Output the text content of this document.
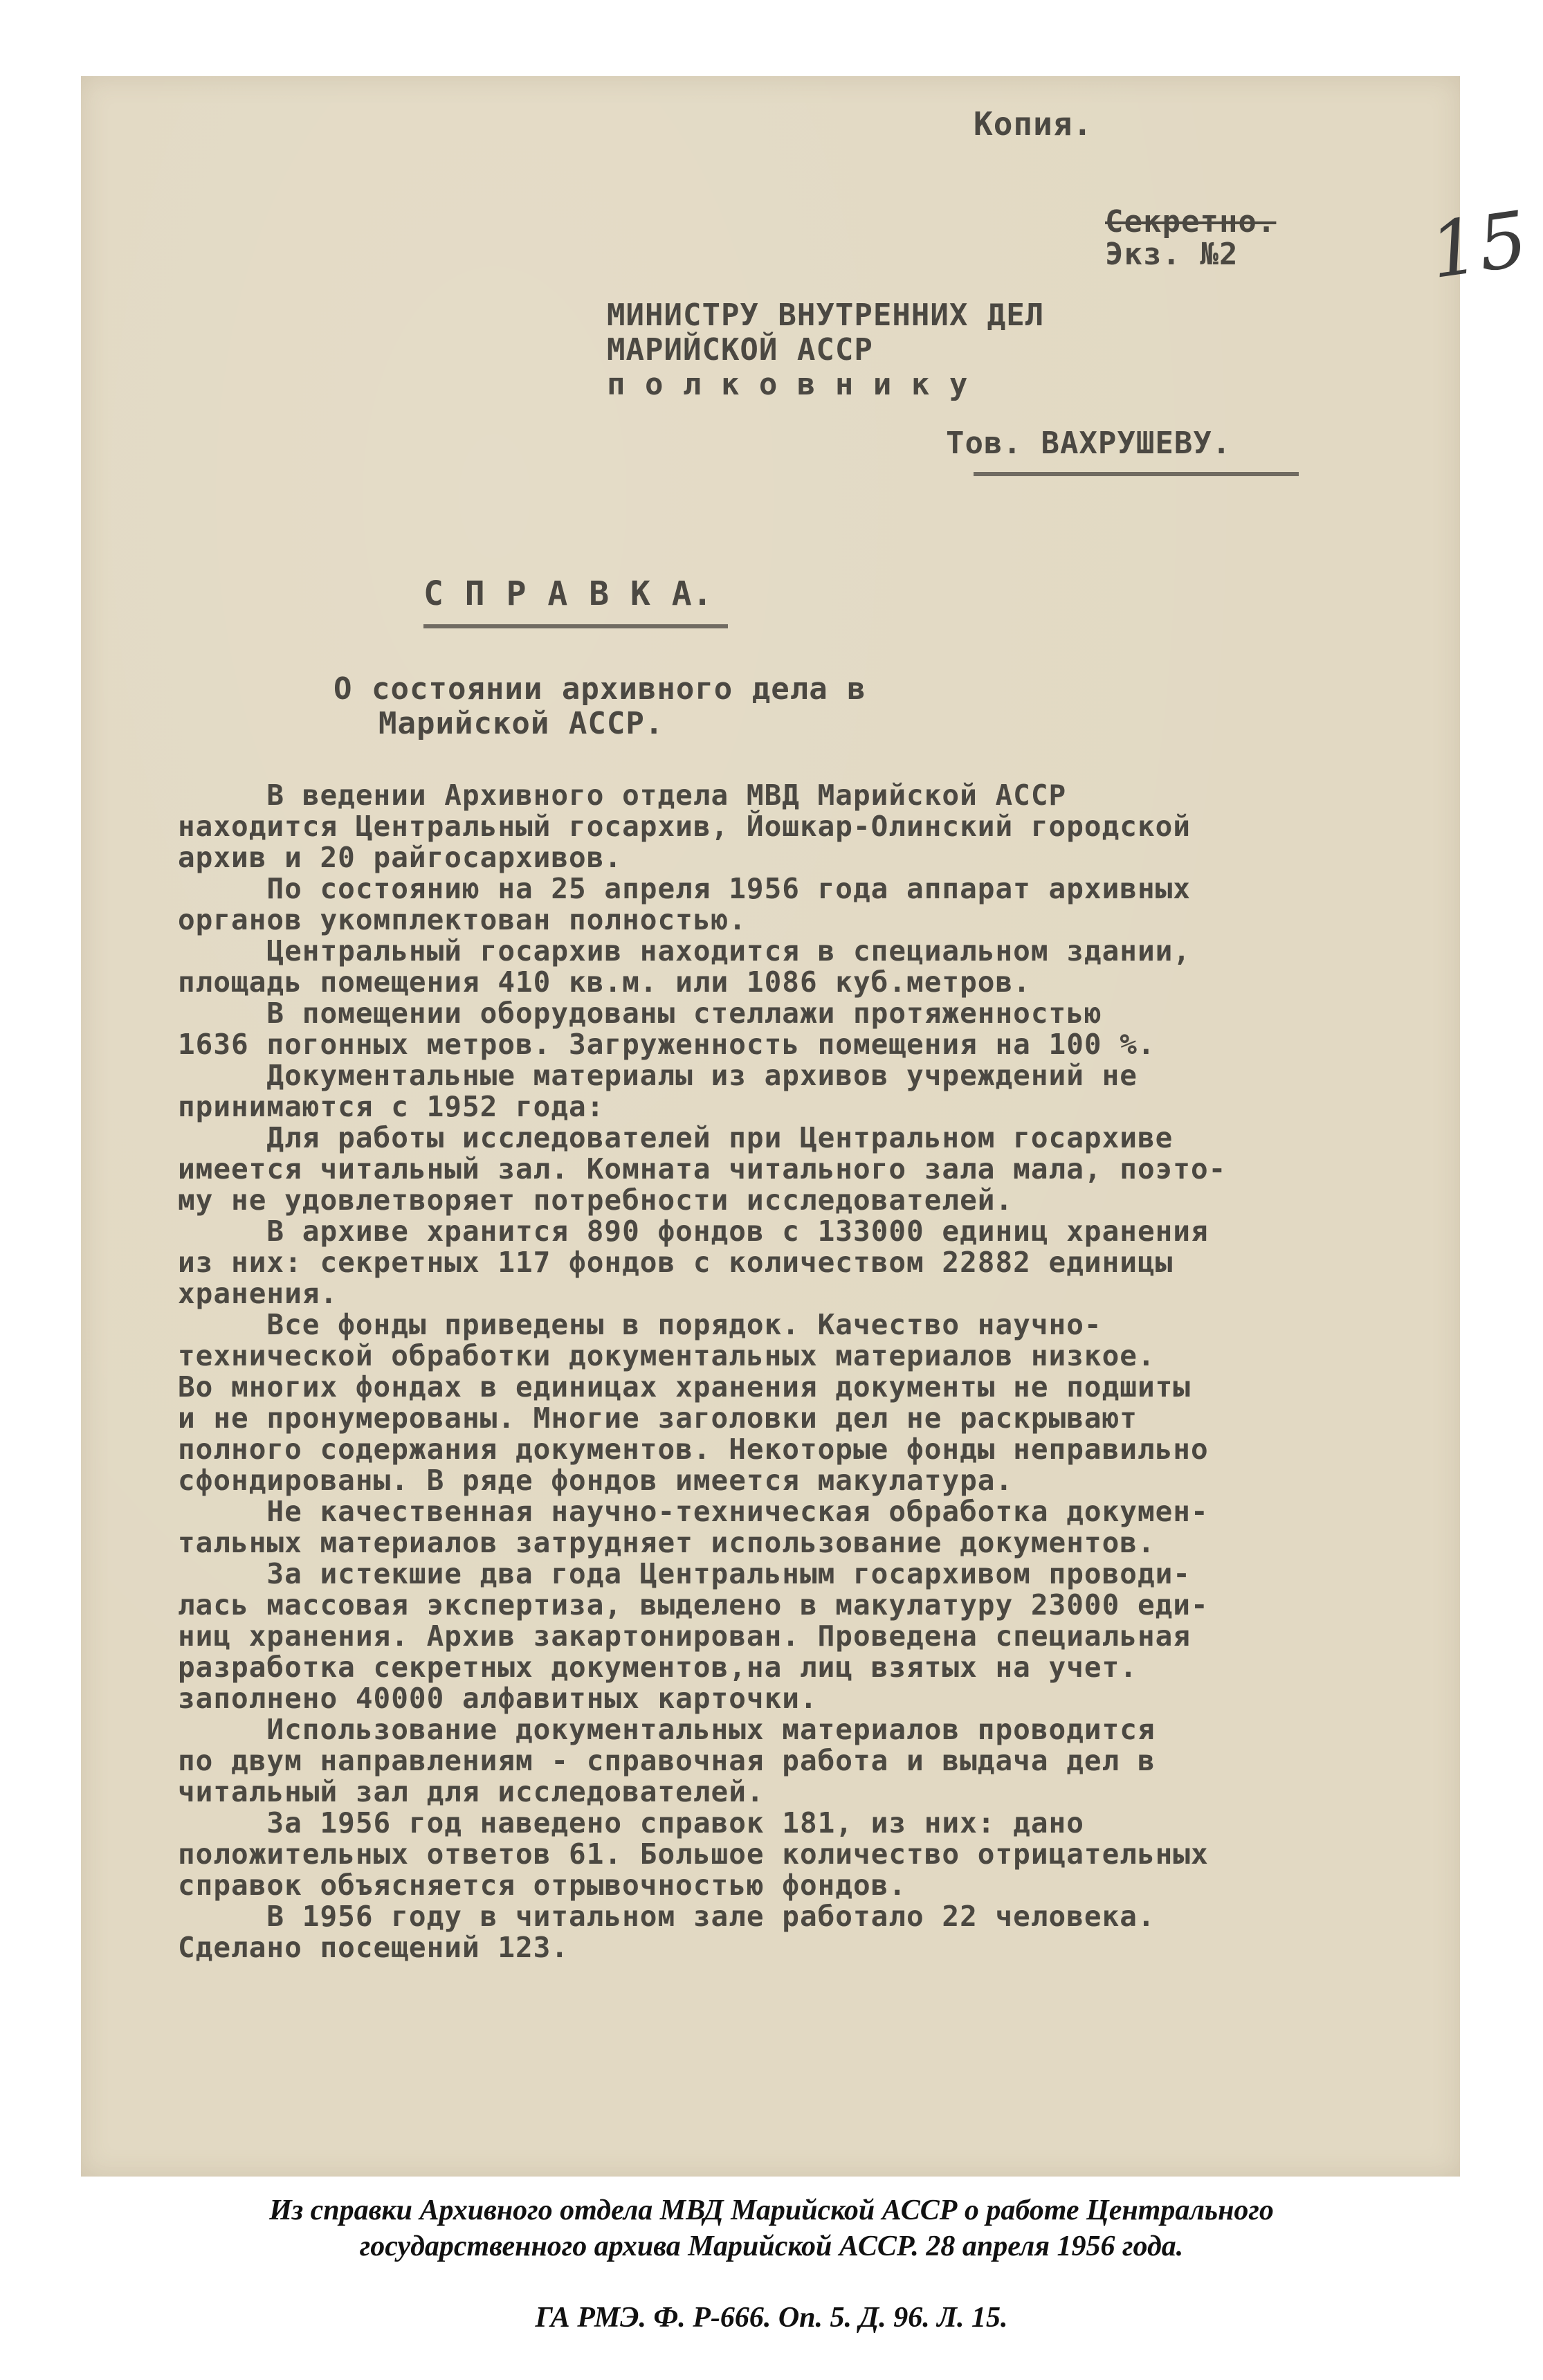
Копия.
15
Секретно.
Экз. №2
МИНИСТРУ ВНУТРЕННИХ ДЕЛ
МАРИЙСКОЙ АССР
п о л к о в н и к у
Тов. ВАХРУШЕВУ.
С П Р А В К А.
О состоянии архивного дела в
Марийской АССР.
В ведении Архивного отдела МВД Марийской АССР
находится Центральный госархив, Йошкар-Олинский городской
архив и 20 райгосархивов.
По состоянию на 25 апреля 1956 года аппарат архивных
органов укомплектован полностью.
Центральный госархив находится в специальном здании,
площадь помещения 410 кв.м. или 1086 куб.метров.
В помещении оборудованы стеллажи протяженностью
1636 погонных метров. Загруженность помещения на 100 %.
Документальные материалы из архивов учреждений не
принимаются с 1952 года:
Для работы исследователей при Центральном госархиве
имеется читальный зал. Комната читального зала мала, поэто-
му не удовлетворяет потребности исследователей.
В архиве хранится 890 фондов с 133000 единиц хранения
из них: секретных 117 фондов с количеством 22882 единицы
хранения.
Все фонды приведены в порядок. Качество научно-
технической обработки документальных материалов низкое.
Во многих фондах в единицах хранения документы не подшиты
и не пронумерованы. Многие заголовки дел не раскрывают
полного содержания документов. Некоторые фонды неправильно
сфондированы. В ряде фондов имеется макулатура.
Не качественная научно-техническая обработка докумен-
тальных материалов затрудняет использование документов.
За истекшие два года Центральным госархивом проводи-
лась массовая экспертиза, выделено в макулатуру 23000 еди-
ниц хранения. Архив закартонирован. Проведена специальная
разработка секретных документов,на лиц взятых на учет.
заполнено 40000 алфавитных карточки.
Использование документальных материалов проводится
по двум направлениям - справочная работа и выдача дел в
читальный зал для исследователей.
За 1956 год наведено справок 181, из них: дано
положительных ответов 61. Большое количество отрицательных
справок объясняется отрывочностью фондов.
В 1956 году в читальном зале работало 22 человека.
Сделано посещений 123.
Из справки Архивного отдела МВД Марийской АССР о работе Центрального
государственного архива Марийской АССР. 28 апреля 1956 года.
ГА РМЭ. Ф. Р-666. Оп. 5. Д. 96. Л. 15.
